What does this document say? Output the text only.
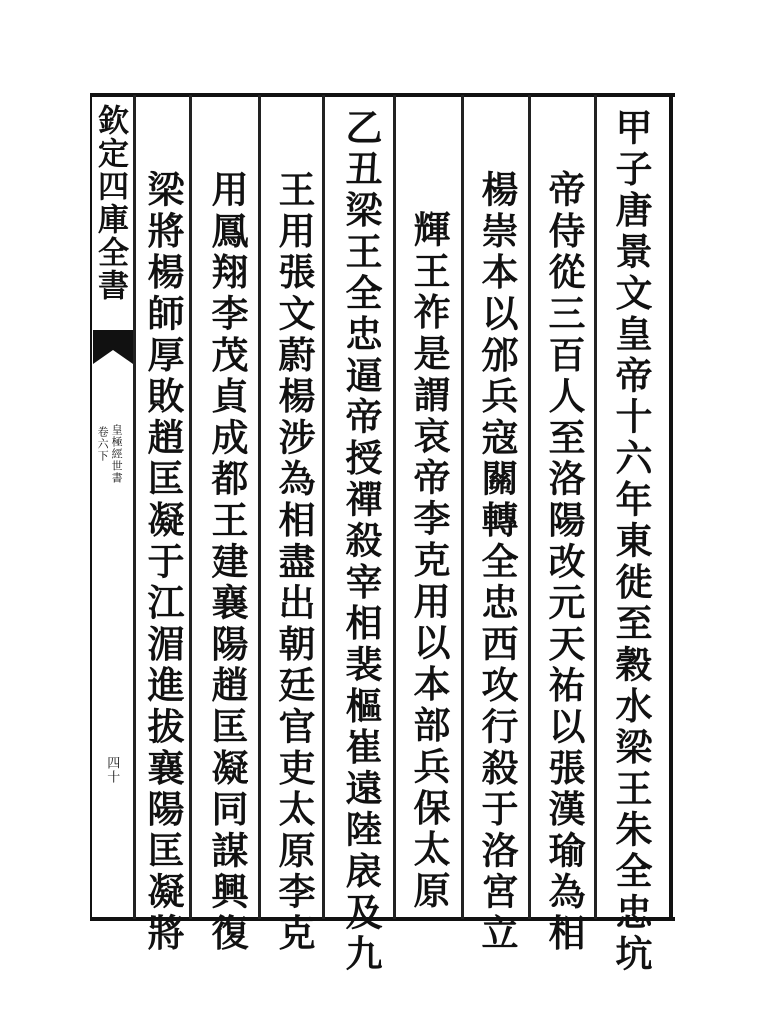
欽定四庫全書
卷六下 皇極經世書
四十	甲子唐景文皇帝十六年東徙至穀水梁王朱全忠坑
帝侍從三百人至洛陽改元天祐以張漢瑜為相
楊崇本以邠兵寇關轉全忠西攻行殺于洛宮立
輝王祚是謂哀帝李克用以本部兵保太原
乙丑梁王全忠逼帝授禪殺宰相裴樞崔遠陸扆及九
王用張文蔚楊涉為相盡出朝廷官吏太原李克
用鳳翔李茂貞成都王建襄陽趙匡凝同謀興復
梁將楊師厚敗趙匡凝于江湄進拔襄陽匡凝將
